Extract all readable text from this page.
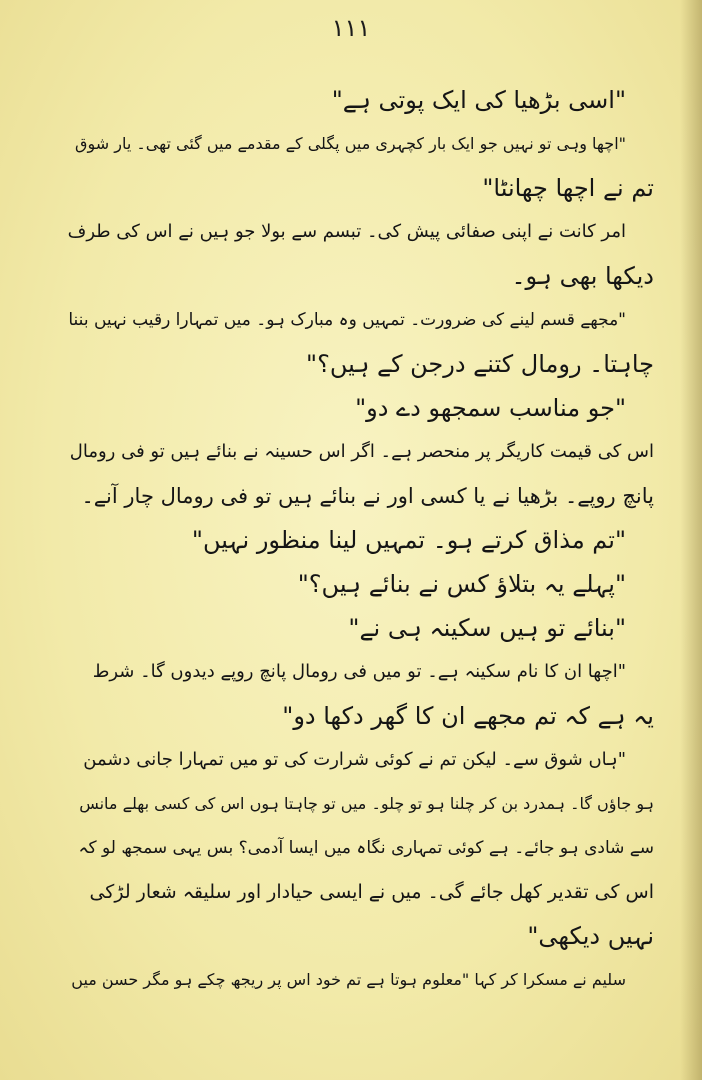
۱۱۱
"اسی بڑھیا کی ایک پوتی ہے"
"اچھا وہی تو نہیں جو ایک بار کچہری میں پگلی کے مقدمے میں گئی تھی۔ یار شوق
تم نے اچھا چھانٹا"
امر کانت نے اپنی صفائی پیش کی۔ تبسم سے بولا جو ہیں نے اس کی طرف
دیکھا بھی ہو۔
"مجھے قسم لینے کی ضرورت۔ تمہیں وہ مبارک ہو۔ میں تمہارا رقیب نہیں بننا
چاہتا۔ رومال کتنے درجن کے ہیں؟"
"جو مناسب سمجھو دے دو"
اس کی قیمت کاریگر پر منحصر ہے۔ اگر اس حسینہ نے بنائے ہیں تو فی رومال
پانچ روپے۔ بڑھیا نے یا کسی اور نے بنائے ہیں تو فی رومال چار آنے۔
"تم مذاق کرتے ہو۔ تمہیں لینا منظور نہیں"
"پہلے یہ بتلاؤ کس نے بنائے ہیں؟"
"بنائے تو ہیں سکینہ ہی نے"
"اچھا ان کا نام سکینہ ہے۔ تو میں فی رومال پانچ روپے دیدوں گا۔ شرط
یہ ہے کہ تم مجھے ان کا گھر دکھا دو"
"ہاں شوق سے۔ لیکن تم نے کوئی شرارت کی تو میں تمہارا جانی دشمن
ہو جاؤں گا۔ ہمدرد بن کر چلنا ہو تو چلو۔ میں تو چاہتا ہوں اس کی کسی بھلے مانس
سے شادی ہو جائے۔ ہے کوئی تمہاری نگاہ میں ایسا آدمی؟ بس یہی سمجھ لو کہ
اس کی تقدیر کھل جائے گی۔ میں نے ایسی حیادار اور سلیقہ شعار لڑکی
نہیں دیکھی"
سلیم نے مسکرا کر کہا "معلوم ہوتا ہے تم خود اس پر ریجھ چکے ہو مگر حسن میں
